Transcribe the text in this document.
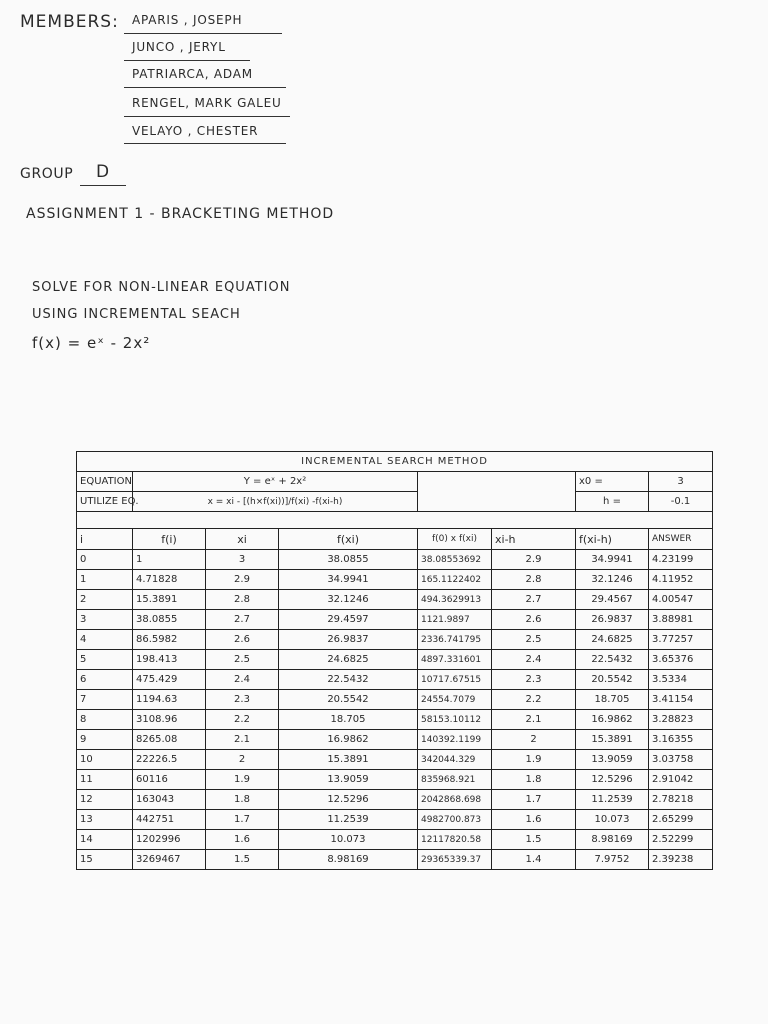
MEMBERS: APARIS , JOSEPH
JUNCO , JERYL
PATRIARCA, ADAM
RENGEL, MARK GALEU
VELAYO , CHESTER
GROUP D
ASSIGNMENT 1 - BRACKETING METHOD
SOLVE FOR NON-LINEAR EQUATION
USING INCREMENTAL SEACH
f(x) = eˣ - 2x²
INCREMENTAL SEARCH METHOD							
EQUATION	Y = eˣ + 2x²					x0 =	3
UTILIZE EQ.	x = xi - [(h×f(xi))]/f(xi) -f(xi-h)					h =	-0.1

i	f(i)	xi	f(xi)	f(0) x f(xi)	xi-h	f(xi-h)	ANSWER
0	1	3	38.0855	38.08553692	2.9	34.9941	4.23199
1	4.71828	2.9	34.9941	165.1122402	2.8	32.1246	4.11952
2	15.3891	2.8	32.1246	494.3629913	2.7	29.4567	4.00547
3	38.0855	2.7	29.4597	1121.9897	2.6	26.9837	3.88981
4	86.5982	2.6	26.9837	2336.741795	2.5	24.6825	3.77257
5	198.413	2.5	24.6825	4897.331601	2.4	22.5432	3.65376
6	475.429	2.4	22.5432	10717.67515	2.3	20.5542	3.5334
7	1194.63	2.3	20.5542	24554.7079	2.2	18.705	3.41154
8	3108.96	2.2	18.705	58153.10112	2.1	16.9862	3.28823
9	8265.08	2.1	16.9862	140392.1199	2	15.3891	3.16355
10	22226.5	2	15.3891	342044.329	1.9	13.9059	3.03758
11	60116	1.9	13.9059	835968.921	1.8	12.5296	2.91042
12	163043	1.8	12.5296	2042868.698	1.7	11.2539	2.78218
13	442751	1.7	11.2539	4982700.873	1.6	10.073	2.65299
14	1202996	1.6	10.073	12117820.58	1.5	8.98169	2.52299
15	3269467	1.5	8.98169	29365339.37	1.4	7.9752	2.39238
